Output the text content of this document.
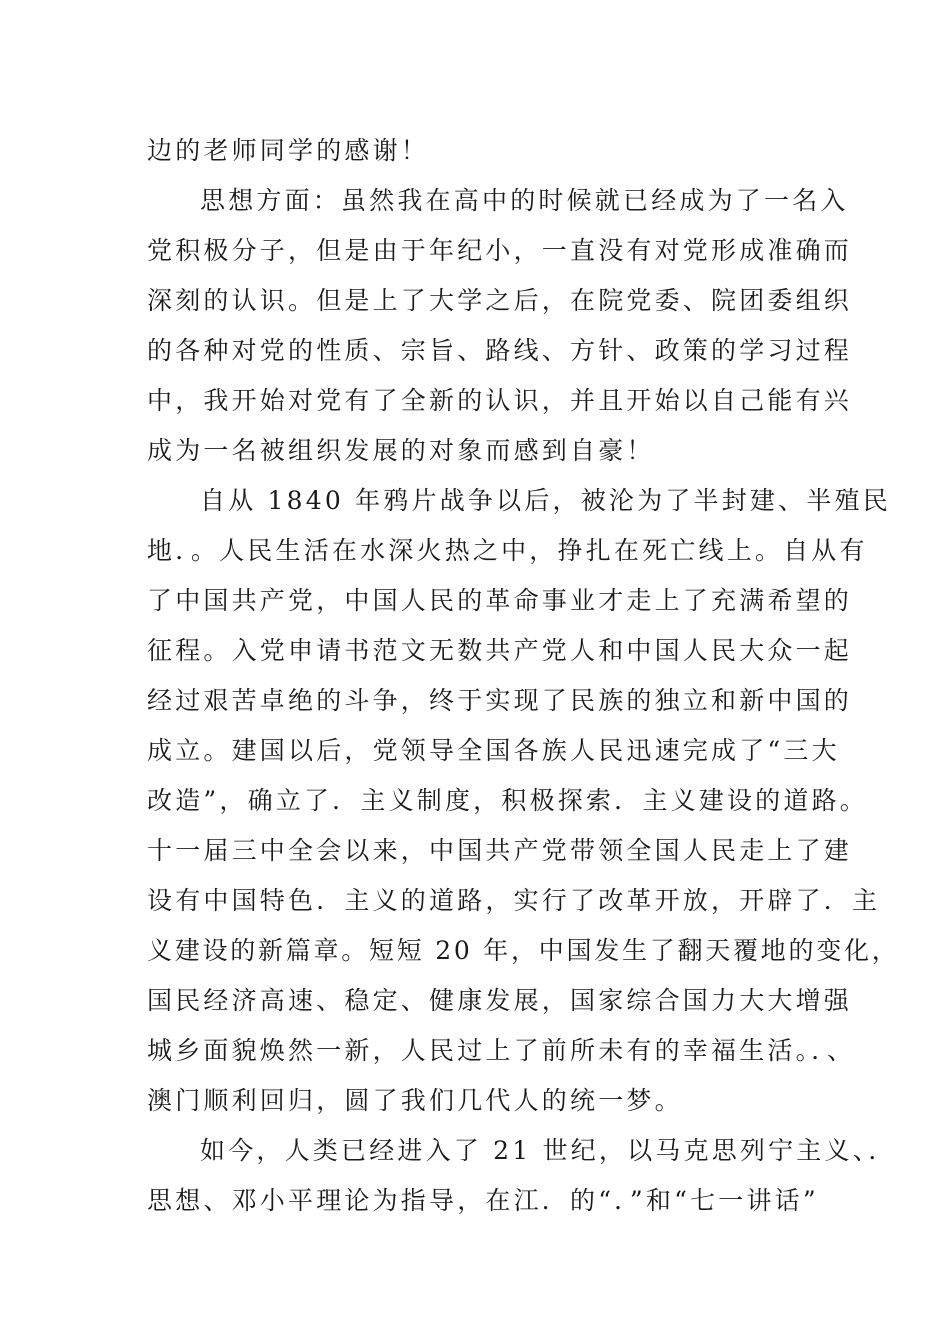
边的老师同学的感谢！
思想方面：虽然我在高中的时候就已经成为了一名入
党积极分子，但是由于年纪小，一直没有对党形成准确而
深刻的认识。但是上了大学之后，在院党委、院团委组织
的各种对党的性质、宗旨、路线、方针、政策的学习过程
中，我开始对党有了全新的认识，并且开始以自己能有兴
成为一名被组织发展的对象而感到自豪！
自从 1840 年鸦片战争以后，被沦为了半封建、半殖民
地．。人民生活在水深火热之中，挣扎在死亡线上。自从有
了中国共产党，中国人民的革命事业才走上了充满希望的
征程。入党申请书范文无数共产党人和中国人民大众一起
经过艰苦卓绝的斗争，终于实现了民族的独立和新中国的
成立。建国以后，党领导全国各族人民迅速完成了“三大
改造”，确立了．主义制度，积极探索．主义建设的道路。
十一届三中全会以来，中国共产党带领全国人民走上了建
设有中国特色．主义的道路，实行了改革开放，开辟了．主
义建设的新篇章。短短 20 年，中国发生了翻天覆地的变化，
国民经济高速、稳定、健康发展，国家综合国力大大增强
城乡面貌焕然一新，人民过上了前所未有的幸福生活。．、
澳门顺利回归，圆了我们几代人的统一梦。
如今，人类已经进入了 21 世纪，以马克思列宁主义、．
思想、邓小平理论为指导，在江．的“．”和“七一讲话”
